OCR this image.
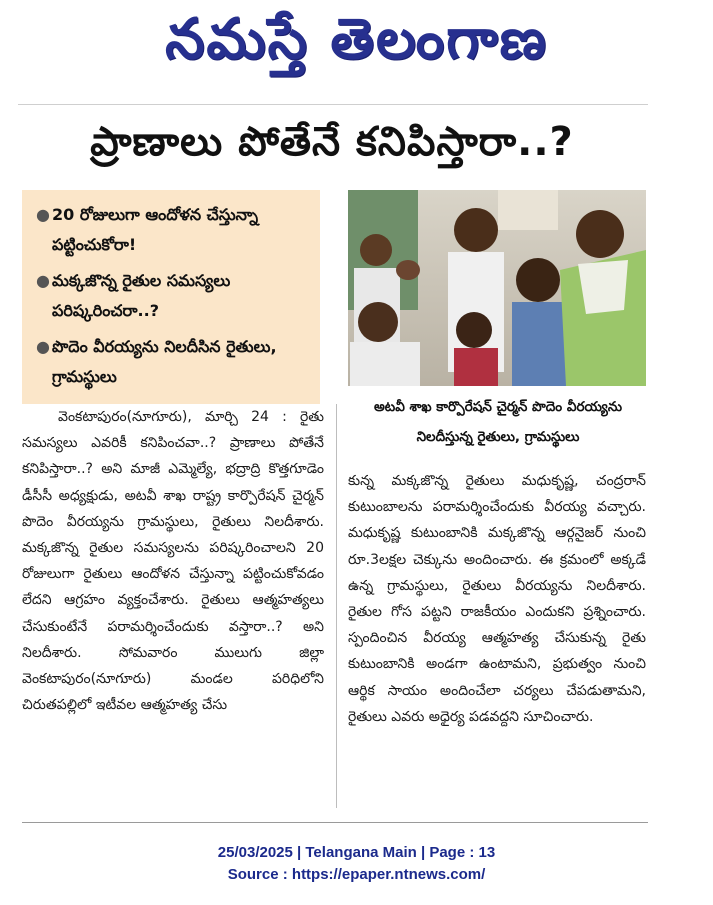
నమస్తే తెలంగాణ
ప్రాణాలు పోతేనే కనిపిస్తారా..?
● 20 రోజులుగా ఆందోళన చేస్తున్నా పట్టించుకోరా!
● మక్కజొన్న రైతుల సమస్యలు పరిష్కరించరా..?
● పొదెం వీరయ్యను నిలదీసిన రైతులు, గ్రామస్థులు
అటవీ శాఖ కార్పొరేషన్ చైర్మన్ పొదెం వీరయ్యను నిలదీస్తున్న రైతులు, గ్రామస్థులు
వెంకటాపురం(నూగూరు), మార్చి 24 : రైతు సమస్యలు ఎవరికీ కనిపించవా..? ప్రాణాలు పోతేనే కనిపిస్తారా..? అని మాజీ ఎమ్మెల్యే, భద్రాద్రి కొత్తగూడెం డీసీసీ అధ్యక్షుడు, అటవీ శాఖ రాష్ట్ర కార్పొరేషన్ చైర్మన్ పొదెం వీరయ్యను గ్రామస్థులు, రైతులు నిలదీశారు. మక్కజొన్న రైతుల సమస్యలను పరిష్కరించాలని 20 రోజులుగా రైతులు ఆందోళన చేస్తున్నా పట్టించుకోవడం లేదని ఆగ్రహం వ్యక్తంచేశారు. రైతులు ఆత్మహత్యలు చేసుకుంటేనే పరామర్శించేందుకు వస్తారా..? అని నిలదీశారు. సోమవారం ములుగు జిల్లా వెంకటాపురం(నూగూరు) మండల పరిధిలోని చిరుతపల్లిలో ఇటీవల ఆత్మహత్య చేసు
కున్న మక్కజొన్న రైతులు మధుకృష్ణ, చంద్రరాన్ కుటుంబాలను పరామర్శించేందుకు వీరయ్య వచ్చారు. మధుకృష్ణ కుటుంబానికి మక్కజొన్న ఆర్గనైజర్ నుంచి రూ.3లక్షల చెక్కును అందించారు. ఈ క్రమంలో అక్కడే ఉన్న గ్రామస్థులు, రైతులు వీరయ్యను నిలదీశారు. రైతుల గోస పట్టని రాజకీయం ఎందుకని ప్రశ్నించారు. స్పందించిన వీరయ్య ఆత్మహత్య చేసుకున్న రైతు కుటుంబానికి అండగా ఉంటామని, ప్రభుత్వం నుంచి ఆర్థిక సాయం అందించేలా చర్యలు చేపడుతామని, రైతులు ఎవరు అధైర్య పడవద్దని సూచించారు.
25/03/2025 | Telangana Main | Page : 13
Source : https://epaper.ntnews.com/
